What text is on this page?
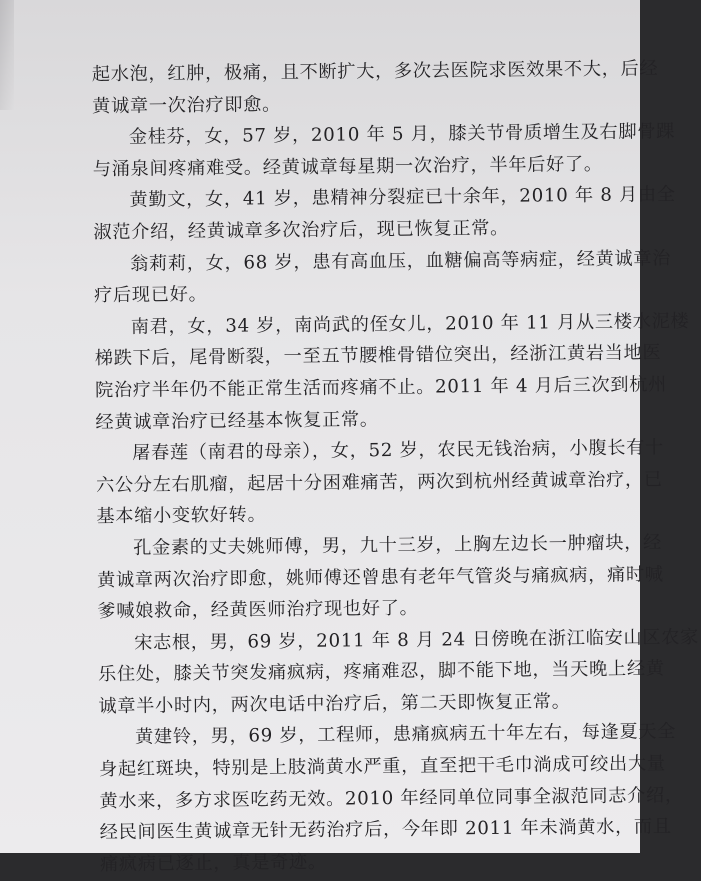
起水泡，红肿，极痛，且不断扩大，多次去医院求医效果不大，后经
黄诚章一次治疗即愈。

金桂芬，女，57 岁，2010 年 5 月，膝关节骨质增生及右脚骨踝
与涌泉间疼痛难受。经黄诚章每星期一次治疗，半年后好了。

黄勤文，女，41 岁，患精神分裂症已十余年，2010 年 8 月由全
淑范介绍，经黄诚章多次治疗后，现已恢复正常。

翁莉莉，女，68 岁，患有高血压，血糖偏高等病症，经黄诚章治
疗后现已好。

南君，女，34 岁，南尚武的侄女儿，2010 年 11 月从三楼水泥楼
梯跌下后，尾骨断裂，一至五节腰椎骨错位突出，经浙江黄岩当地医
院治疗半年仍不能正常生活而疼痛不止。2011 年 4 月后三次到杭州
经黄诚章治疗已经基本恢复正常。

屠春莲（南君的母亲），女，52 岁，农民无钱治病，小腹长有十
六公分左右肌瘤，起居十分困难痛苦，两次到杭州经黄诚章治疗，已
基本缩小变软好转。

孔金素的丈夫姚师傅，男，九十三岁，上胸左边长一肿瘤块，经
黄诚章两次治疗即愈，姚师傅还曾患有老年气管炎与痛疯病，痛时喊
爹喊娘救命，经黄医师治疗现也好了。

宋志根，男，69 岁，2011 年 8 月 24 日傍晚在浙江临安山区农家
乐住处，膝关节突发痛疯病，疼痛难忍，脚不能下地，当天晚上经黄
诚章半小时内，两次电话中治疗后，第二天即恢复正常。

黄建铃，男，69 岁，工程师，患痛疯病五十年左右，每逢夏天全
身起红斑块，特别是上肢淌黄水严重，直至把干毛巾淌成可绞出大量
黄水来，多方求医吃药无效。2010 年经同单位同事全淑范同志介绍，
经民间医生黄诚章无针无药治疗后，今年即 2011 年未淌黄水，而且
痛疯病已逐止，真是奇迹。
